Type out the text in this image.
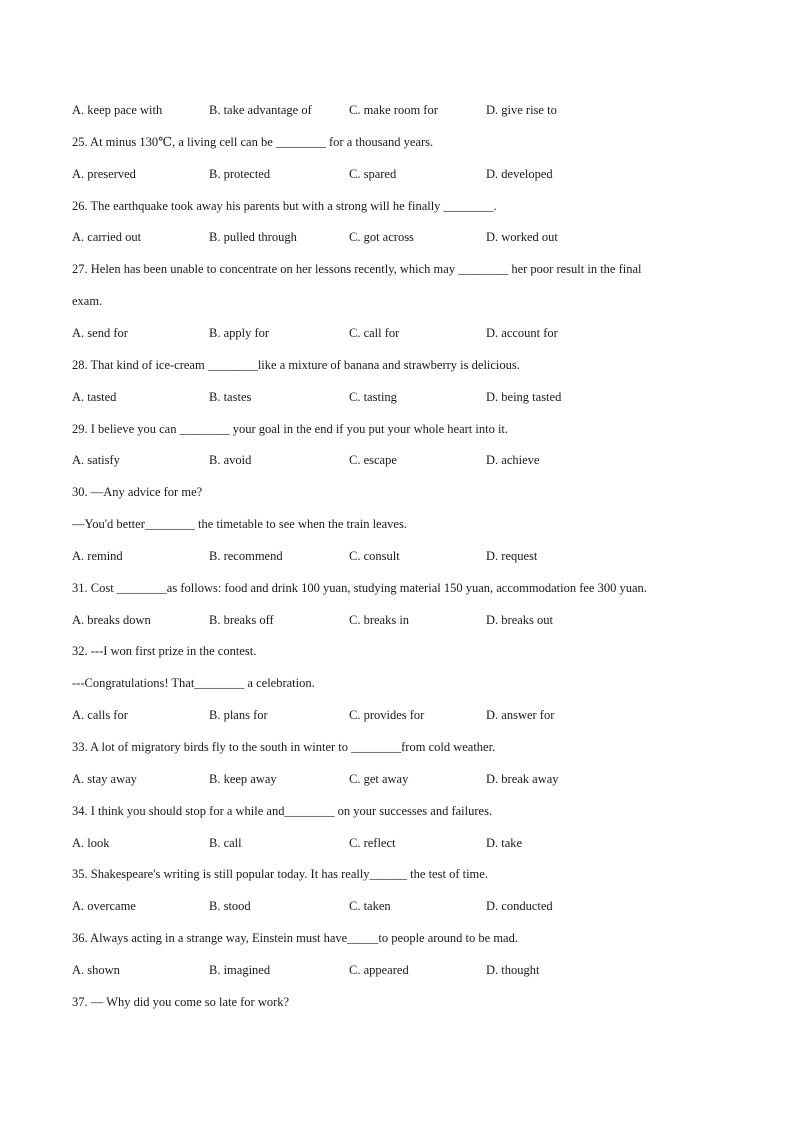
A. keep pace with	B. take advantage of	C. make room for	D. give rise to
25. At minus 130℃, a living cell can be ________ for a thousand years.
A. preserved	B. protected	C. spared	D. developed
26. The earthquake took away his parents but with a strong will he finally ________.
A. carried out	B. pulled through	C. got across	D. worked out
27. Helen has been unable to concentrate on her lessons recently, which may ________ her poor result in the final
exam.
A. send for	B. apply for	C. call for	D. account for
28. That kind of ice-cream ________like a mixture of banana and strawberry is delicious.
A. tasted	B. tastes	C. tasting	D. being tasted
29. I believe you can ________ your goal in the end if you put your whole heart into it.
A. satisfy	B. avoid	C. escape	D. achieve
30. —Any advice for me?
—You'd better________ the timetable to see when the train leaves.
A. remind	B. recommend	C. consult	D. request
31. Cost ________as follows: food and drink 100 yuan, studying material 150 yuan, accommodation fee 300 yuan.
A. breaks down	B. breaks off	C. breaks in	D. breaks out
32. ---I won first prize in the contest.
---Congratulations! That________ a celebration.
A. calls for	B. plans for	C. provides for	D. answer for
33. A lot of migratory birds fly to the south in winter to ________from cold weather.
A. stay away	B. keep away	C. get away	D. break away
34. I think you should stop for a while and________ on your successes and failures.
A. look	B. call	C. reflect	D. take
35. Shakespeare's writing is still popular today. It has really______ the test of time.
A. overcame	B. stood	C. taken	D. conducted
36. Always acting in a strange way, Einstein must have_____to people around to be mad.
A. shown	B. imagined	C. appeared	D. thought
37. — Why did you come so late for work?
